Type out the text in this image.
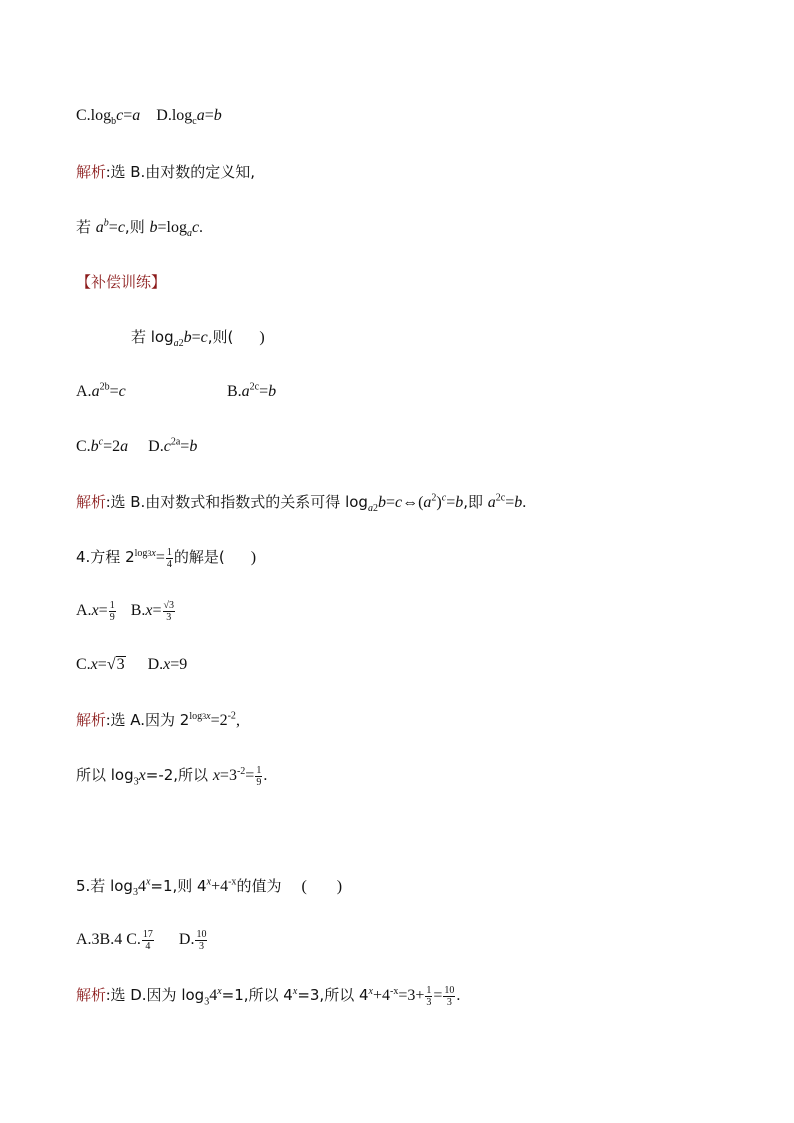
$C.\log_bc=a$ $D.\log_ca=b$
解析:选 B.由对数的定义知,
若 $a^b=c$,则 $b=\log_ac$.
【补偿训练】
若 $\log_{a2}b=c$,则( )
$A.a^{2b}=c$	$B.a^{2c}=b$
$C.b^c=2a$ $D.c^{2a}=b$
解析:选 B.由对数式和指数式的关系可得 $\log_{a2}b=c\Leftrightarrow(a^2)^c=b$,即 $a^{2c}=b$.
4.方程 $2^{log3x}= \frac{1}{4}$ 的解是( )
$A.x= \frac{1}{9} B.x= \frac{√3}{3}$
C.x=√3 D.x=9
解析:选 A.因为 $2^{log3x}=2^{-2}$,
所以 $\log_3x=-2$,所以 $x=3^{-2}= \frac{1}{9}$ .
5.若 $\log_34^x=1$,则 $4^x+4^{-x}$的值为 ( )
A.3B.4 C. $\frac{17}{4} D$. $\frac{10}{3}$
解析:选 D.因为 $\log_34^x=1$,所以 $4^x=3$,所以 $4^x+4^{-x}=3+ \frac{1}{3} = \frac{10}{3}$ .
